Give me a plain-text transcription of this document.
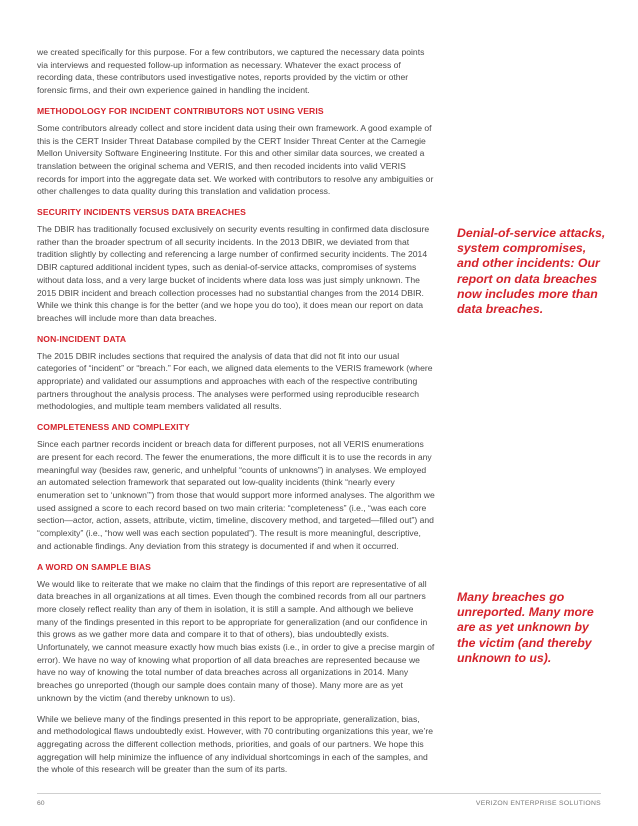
we created specifically for this purpose. For a few contributors, we captured the necessary data points via interviews and requested follow-up information as necessary. Whatever the exact process of recording data, these contributors used investigative notes, reports provided by the victim or other forensic firms, and their own experience gained in handling the incident.

METHODOLOGY FOR INCIDENT CONTRIBUTORS NOT USING VERIS

Some contributors already collect and store incident data using their own framework. A good example of this is the CERT Insider Threat Database compiled by the CERT Insider Threat Center at the Carnegie Mellon University Software Engineering Institute. For this and other similar data sources, we created a translation between the original schema and VERIS, and then recoded incidents into valid VERIS records for import into the aggregate data set. We worked with contributors to resolve any ambiguities or other challenges to data quality during this translation and validation process.

SECURITY INCIDENTS VERSUS DATA BREACHES

The DBIR has traditionally focused exclusively on security events resulting in confirmed data disclosure rather than the broader spectrum of all security incidents. In the 2013 DBIR, we deviated from that tradition slightly by collecting and referencing a large number of confirmed security incidents. The 2014 DBIR captured additional incident types, such as denial-of-service attacks, compromises of systems without data loss, and a very large bucket of incidents where data loss was just simply unknown. The 2015 DBIR incident and breach collection processes had no substantial changes from the 2014 DBIR. While we think this change is for the better (and we hope you do too), it does mean our report on data breaches will include more than data breaches.

NON-INCIDENT DATA

The 2015 DBIR includes sections that required the analysis of data that did not fit into our usual categories of “incident” or “breach.” For each, we aligned data elements to the VERIS framework (where appropriate) and validated our assumptions and approaches with each of the respective contributing partners throughout the analysis process. The analyses were performed using reproducible research methodologies, and multiple team members validated all results.

COMPLETENESS AND COMPLEXITY

Since each partner records incident or breach data for different purposes, not all VERIS enumerations are present for each record. The fewer the enumerations, the more difficult it is to use the records in any meaningful way (besides raw, generic, and unhelpful “counts of unknowns”) in analyses. We employed an automated selection framework that separated out low-quality incidents (think “nearly every enumeration set to ‘unknown’”) from those that would support more informed analyses. The algorithm we used assigned a score to each record based on two main criteria: “completeness” (i.e., “was each core section—actor, action, assets, attribute, victim, timeline, discovery method, and targeted—filled out”) and “complexity” (i.e., “how well was each section populated”). The result is more meaningful, descriptive, and actionable findings. Any deviation from this strategy is documented if and when it occurred.

A WORD ON SAMPLE BIAS

We would like to reiterate that we make no claim that the findings of this report are representative of all data breaches in all organizations at all times. Even though the combined records from all our partners more closely reflect reality than any of them in isolation, it is still a sample. And although we believe many of the findings presented in this report to be appropriate for generalization (and our confidence in this grows as we gather more data and compare it to that of others), bias undoubtedly exists. Unfortunately, we cannot measure exactly how much bias exists (i.e., in order to give a precise margin of error). We have no way of knowing what proportion of all data breaches are represented because we have no way of knowing the total number of data breaches across all organizations in 2014. Many breaches go unreported (though our sample does contain many of those). Many more are as yet unknown by the victim (and thereby unknown to us).

While we believe many of the findings presented in this report to be appropriate, generalization, bias, and methodological flaws undoubtedly exist. However, with 70 contributing organizations this year, we’re aggregating across the different collection methods, priorities, and goals of our partners. We hope this aggregation will help minimize the influence of any individual shortcomings in each of the samples, and the whole of this research will be greater than the sum of its parts.

Denial-of-service attacks, system compromises, and other incidents: Our report on data breaches now includes more than data breaches.
Many breaches go unreported. Many more are as yet unknown by the victim (and thereby unknown to us).
60	VERIZON ENTERPRISE SOLUTIONS
